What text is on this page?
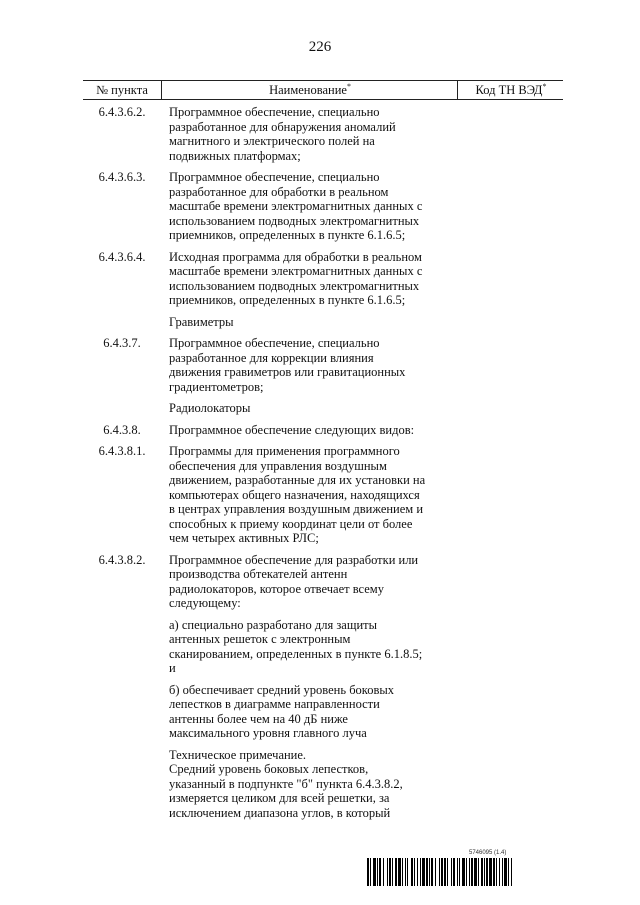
226
№ пункта	Наименование*	Код ТН ВЭД*
6.4.3.6.2.	Программное обеспечение, специально
разработанное для обнаружения аномалий
магнитного и электрического полей на
подвижных платформах;
6.4.3.6.3.	Программное обеспечение, специально
разработанное для обработки в реальном
масштабе времени электромагнитных данных с
использованием подводных электромагнитных
приемников, определенных в пункте 6.1.6.5;
6.4.3.6.4.	Исходная программа для обработки в реальном
масштабе времени электромагнитных данных с
использованием подводных электромагнитных
приемников, определенных в пункте 6.1.6.5;
Гравиметры
6.4.3.7.	Программное обеспечение, специально
разработанное для коррекции влияния
движения гравиметров или гравитационных
градиентометров;
Радиолокаторы
6.4.3.8.	Программное обеспечение следующих видов:
6.4.3.8.1.	Программы для применения программного
обеспечения для управления воздушным
движением, разработанные для их установки на
компьютерах общего назначения, находящихся
в центрах управления воздушным движением и
способных к приему координат цели от более
чем четырех активных РЛС;
6.4.3.8.2.	Программное обеспечение для разработки или
производства обтекателей антенн
радиолокаторов, которое отвечает всему
следующему:
а) специально разработано для защиты
антенных решеток с электронным
сканированием, определенных в пункте 6.1.8.5;
и
б) обеспечивает средний уровень боковых
лепестков в диаграмме направленности
антенны более чем на 40 дБ ниже
максимального уровня главного луча
Техническое примечание.
Средний уровень боковых лепестков,
указанный в подпункте "б" пункта 6.4.3.8.2,
измеряется целиком для всей решетки, за
исключением диапазона углов, в который
5746095 (1.4)
